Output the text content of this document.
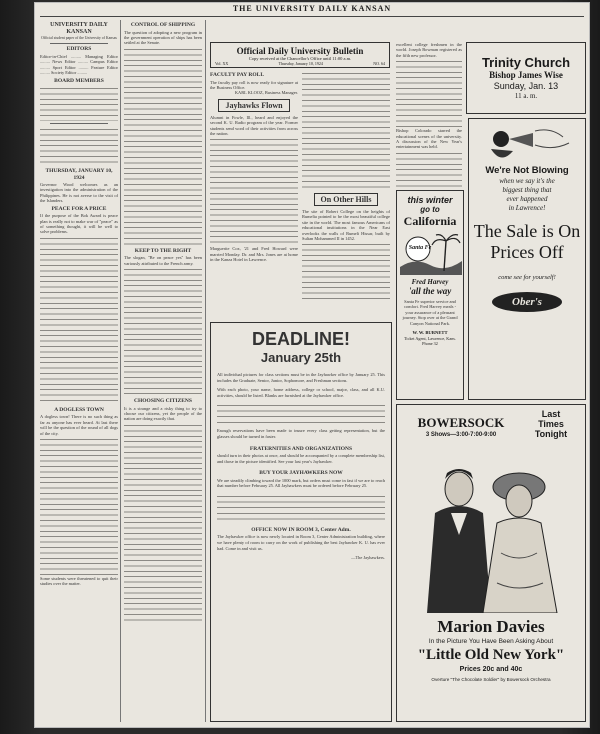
THE UNIVERSITY DAILY KANSAN
UNIVERSITY DAILY KANSAN
Official student paper of the University of Kansas
EDITORS
Editor-in-Chief ......... Managing Editor ......... News Editor ......... Campus Editor ......... Sport Editor ......... Feature Editor ......... Society Editor .........
BOARD MEMBERS
THURSDAY, JANUARY 10, 1924
Governor Wood welcomes as an investigation into the administration of the Philippines. He is not averse to the visit of the Islanders.
PEACE FOR A PRICE
If the purpose of the Bok Award is peace plan is really not to make war of "peace" as of something thought, it will be well to solve problems.
A DOGLESS TOWN
A dogless town! There is no such thing as far as anyone has ever heard. At last there will be the question of the round of all dogs of the city.
Some students were threatened to quit their studies over the matter.
CONTROL OF SHIPPING
The question of adopting a new program in the government operation of ships has been settled at the Senate.
KEEP TO THE RIGHT
The slogan, "Be on peace yes" has been variously attributed to the French army.
CHOOSING CITIZENS
It is a strange and a risky thing to try to choose our citizens, yet the people of the nation are doing exactly that.
Official Daily University Bulletin
Copy received at the Chancellor's Office until 11:00 a.m.
Vol. XX	Thursday, January 10, 1924	NO. 64
FACULTY PAY ROLL
The faculty pay roll is now ready for signature at the Business Office.
KARL KLOOZ, Business Manager.
Jayhawks Flown
Alumni in Fowle, Ill., heard and enjoyed the second K. U. Radio program of the year. Former students send word of their activities from across the nation.
Marguerite Cox, '21 and Fred Howard were married Monday. Dr. and Mrs. Jones are at home in the Kanza Hotel in Lawrence.
On Other Hills
The site of Robert College on the heights of Rumelia pointed to be the most beautiful college site in the world. The most famous Americans of educational institutions in the Near East overlooks the walls of Rumeli Hissar, built by Sultan Mohammed II in 1452.
DEADLINE!
January 25th
All individual pictures for class sections must be in the Jayhawker office by January 25. This includes the Graduate, Senior, Junior, Sophomore, and Freshman sections.
With each photo, your name, home address, college or school, major, class, and all K.U. activities, should be listed. Blanks are furnished at the Jayhawker office.
Enough reservations have been made to insure every class getting representation, but the glasses should be turned in faster.
FRATERNITIES AND ORGANIZATIONS
should turn in their photos at once, and should be accompanied by a complete membership list, and those in the picture identified. See your last year's Jayhawker.
BUY YOUR JAYHAWKERS NOW
We are steadily climbing toward the 1000 mark, but orders must come in fast if we are to reach that number before February 25. All Jayhawkers must be ordered before February 25.
OFFICE NOW IN ROOM 3, Center Adm.
The Jayhawker office is now newly located in Room 3, Center Administration building, where we have plenty of room to carry on the work of publishing the best Jayhawker K. U. has ever had. Come in and visit us.
—The Jayhawkers.
excellent college freshmen in the world. Joseph Bowman registered as the fifth new professor.
Bishop Colorado starred the educational scenes of the university. A discussion of the New Year's entertainment was held.
Trinity Church
Bishop James Wise
Sunday, Jan. 13
11 a. m.
this winter
go to
California
Santa Fe
Fred Harvey
'all the way
Santa Fe superior service and comfort. Fred Harvey meals - your assurance of a pleasant journey. Stop over at the Grand Canyon National Park.
W. W. BURNETT
Ticket Agent, Lawrence, Kans.
Phone 32
We're Not Blowing
when we say it's the
biggest thing that
ever happened
in Lawrence!
The Sale is On
Prices Off
come see for yourself!
Ober's
BOWERSOCK
3 Shows—3:00-7:00-9:00
Last
Times
Tonight
Marion Davies
In the Picture You Have Been Asking About
"Little Old New York"
Prices 20c and 40c
Overture "The Chocolate Soldier" by Bowersock Orchestra
